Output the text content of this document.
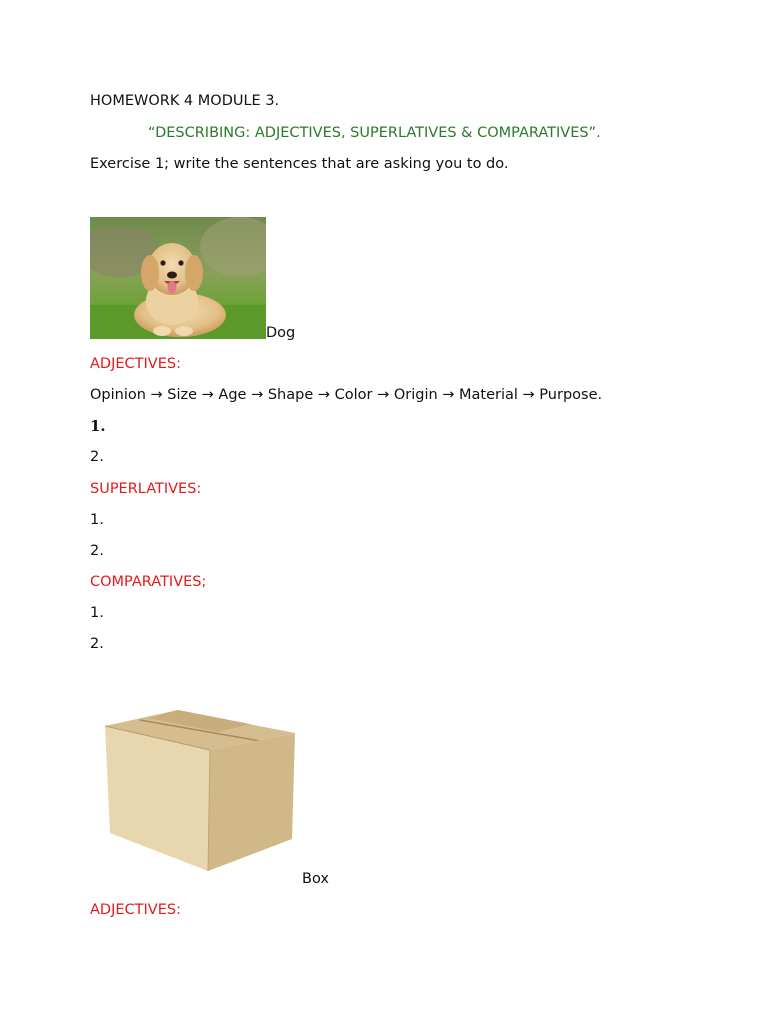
HOMEWORK 4 MODULE 3.
“DESCRIBING: ADJECTIVES, SUPERLATIVES & COMPARATIVES”.
Exercise 1; write the sentences that are asking you to do.
Dog
ADJECTIVES:
Opinion → Size → Age → Shape → Color → Origin → Material → Purpose.
1.
2.
SUPERLATIVES:
1.
2.
COMPARATIVES;
1.
2.
Box
ADJECTIVES:
